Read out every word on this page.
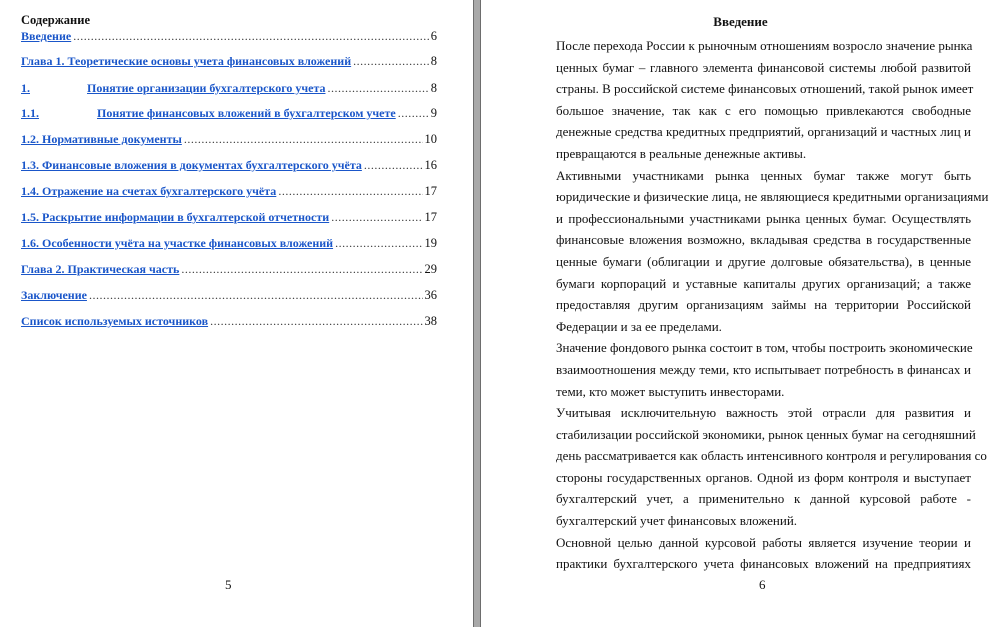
Содержание
Введение .....	6
Глава 1. Теоретические основы учета финансовых вложений .....	8
1.	Понятие организации бухгалтерского учета .....	8
1.1.	Понятие финансовых вложений в бухгалтерском учете .....	9
1.2. Нормативные документы .....	10
1.3. Финансовые вложения в документах бухгалтерского учёта .....	16
1.4. Отражение на счетах бухгалтерского учёта .....	17
1.5. Раскрытие информации в бухгалтерской отчетности .....	17
1.6. Особенности учёта на участке финансовых вложений .....	19
Глава 2. Практическая часть .....	29
Заключение .....	36
Список используемых источников .....	38
5
Введение
После перехода России к рыночным отношениям возросло значение рынка
ценных бумаг – главного элемента финансовой системы любой развитой
страны. В российской системе финансовых отношений, такой рынок имеет
большое значение, так как с его помощью привлекаются свободные
денежные средства кредитных предприятий, организаций и частных лиц и
превращаются в реальные денежные активы.
Активными участниками рынка ценных бумаг также могут быть
юридические и физические лица, не являющиеся кредитными организациями
и профессиональными участниками рынка ценных бумаг. Осуществлять
финансовые вложения возможно, вкладывая средства в государственные
ценные бумаги (облигации и другие долговые обязательства), в ценные
бумаги корпораций и уставные капиталы других организаций; а также
предоставляя другим организациям займы на территории Российской
Федерации и за ее пределами.
Значение фондового рынка состоит в том, чтобы построить экономические
взаимоотношения между теми, кто испытывает потребность в финансах и
теми, кто может выступить инвесторами.
Учитывая исключительную важность этой отрасли для развития и
стабилизации российской экономики, рынок ценных бумаг на сегодняшний
день рассматривается как область интенсивного контроля и регулирования со
стороны государственных органов. Одной из форм контроля и выступает
бухгалтерский учет, а применительно к данной курсовой работе -
бухгалтерский учет финансовых вложений.
Основной целью данной курсовой работы является изучение теории и
практики бухгалтерского учета финансовых вложений на предприятиях
6
